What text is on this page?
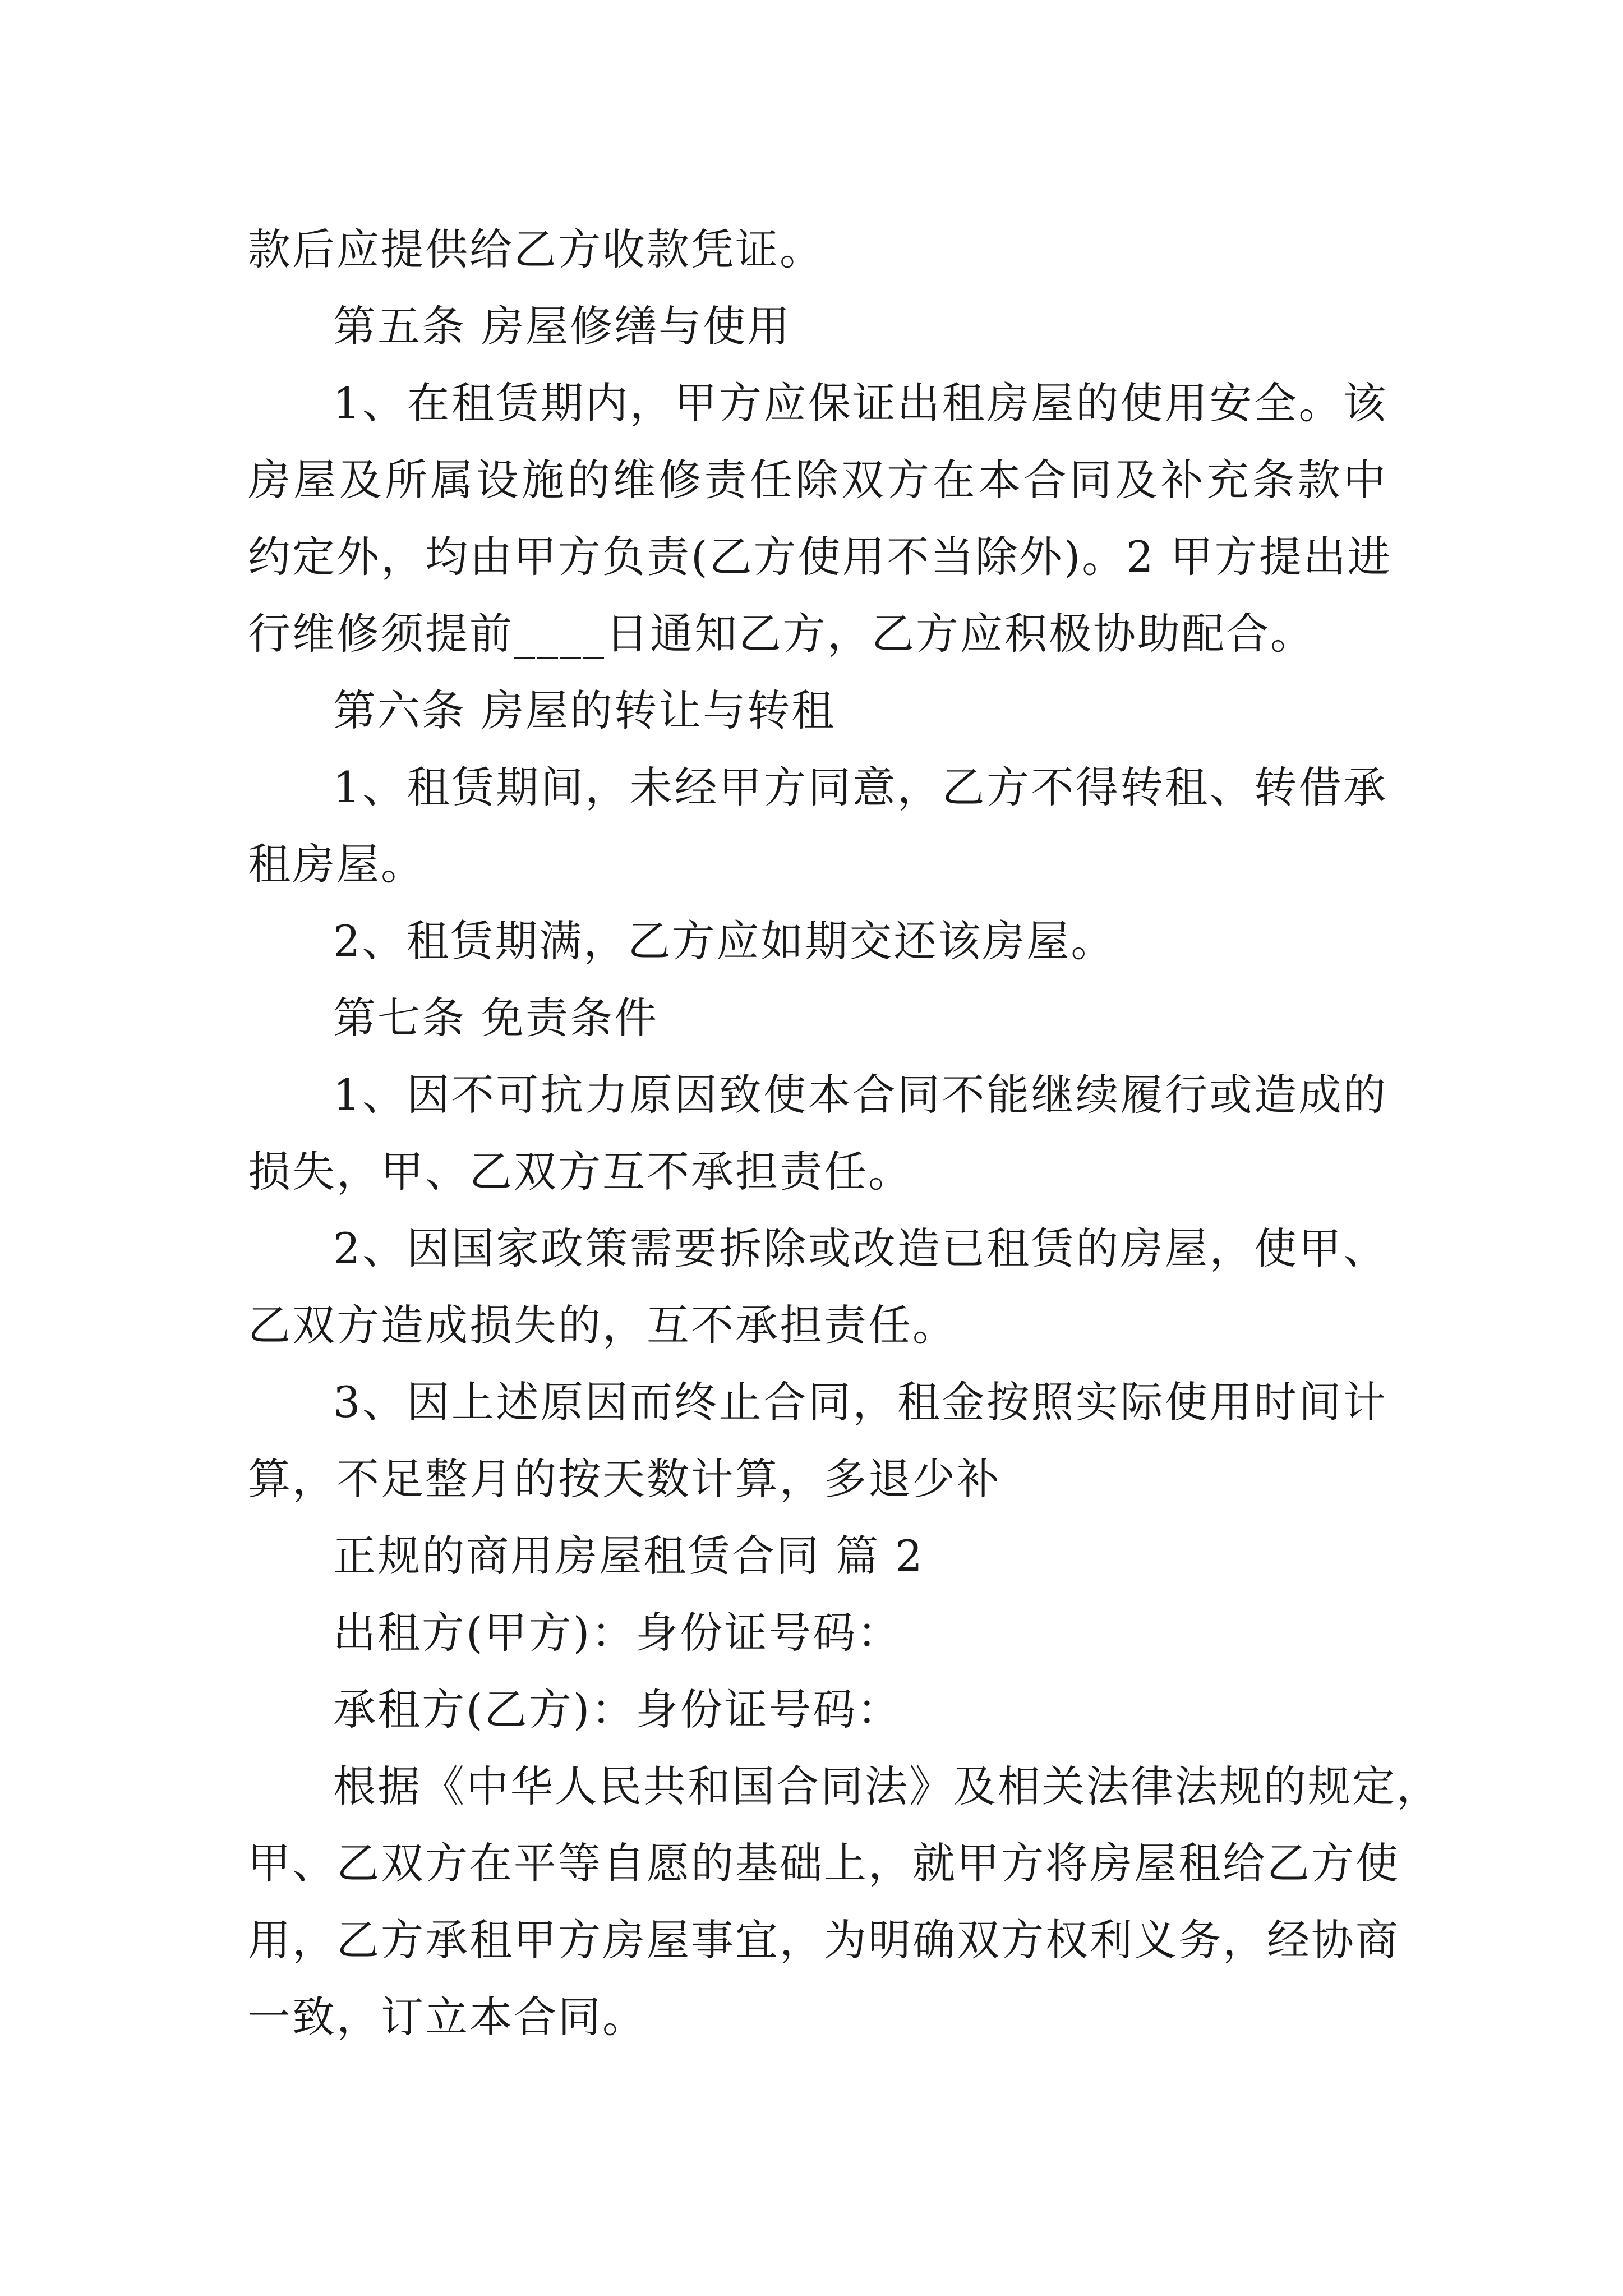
款后应提供给乙方收款凭证。

第五条 房屋修缮与使用

1、在租赁期内，甲方应保证出租房屋的使用安全。该
房屋及所属设施的维修责任除双方在本合同及补充条款中
约定外，均由甲方负责(乙方使用不当除外)。2 甲方提出进
行维修须提前____日通知乙方，乙方应积极协助配合。

第六条 房屋的转让与转租

1、租赁期间，未经甲方同意，乙方不得转租、转借承
租房屋。

2、租赁期满，乙方应如期交还该房屋。

第七条 免责条件

1、因不可抗力原因致使本合同不能继续履行或造成的
损失，甲、乙双方互不承担责任。

2、因国家政策需要拆除或改造已租赁的房屋，使甲、
乙双方造成损失的，互不承担责任。

3、因上述原因而终止合同，租金按照实际使用时间计
算，不足整月的按天数计算，多退少补

正规的商用房屋租赁合同 篇 2

出租方(甲方)：身份证号码：

承租方(乙方)：身份证号码：

根据《中华人民共和国合同法》及相关法律法规的规定，
甲、乙双方在平等自愿的基础上，就甲方将房屋租给乙方使
用，乙方承租甲方房屋事宜，为明确双方权利义务，经协商
一致，订立本合同。
